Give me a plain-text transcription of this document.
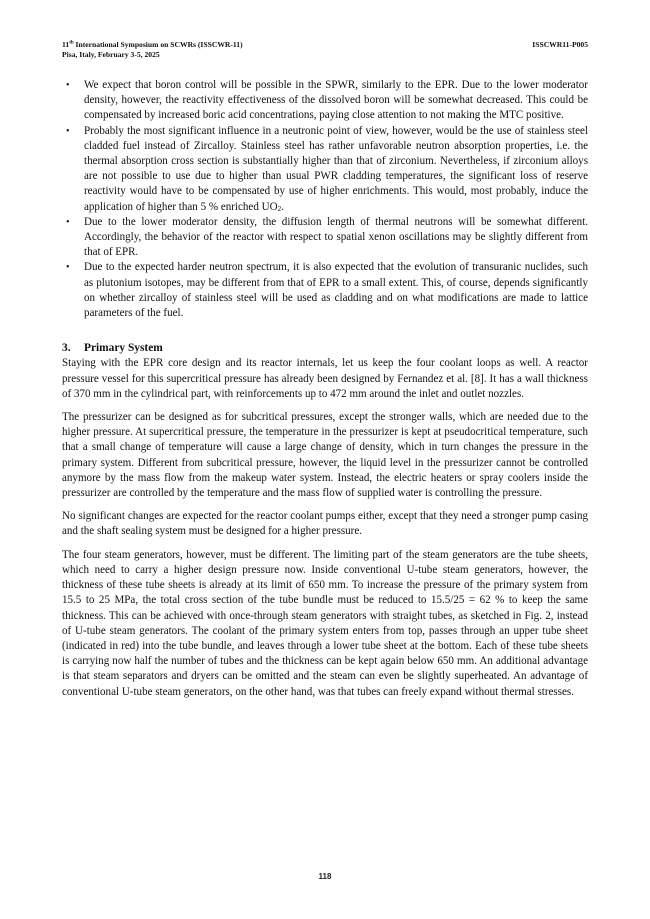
11th International Symposium on SCWRs (ISSCWR-11)
Pisa, Italy, February 3-5, 2025
ISSCWR11-P005
• We expect that boron control will be possible in the SPWR, similarly to the EPR. Due to the lower moderator density, however, the reactivity effectiveness of the dissolved boron will be somewhat decreased. This could be compensated by increased boric acid concentrations, paying close attention to not making the MTC positive.
• Probably the most significant influence in a neutronic point of view, however, would be the use of stainless steel cladded fuel instead of Zircalloy. Stainless steel has rather unfavorable neutron absorption properties, i.e. the thermal absorption cross section is substantially higher than that of zirconium. Nevertheless, if zirconium alloys are not possible to use due to higher than usual PWR cladding temperatures, the significant loss of reserve reactivity would have to be compensated by use of higher enrichments. This would, most probably, induce the application of higher than 5 % enriched $UO_2$.
• Due to the lower moderator density, the diffusion length of thermal neutrons will be somewhat different. Accordingly, the behavior of the reactor with respect to spatial xenon oscillations may be slightly different from that of EPR.
• Due to the expected harder neutron spectrum, it is also expected that the evolution of transuranic nuclides, such as plutonium isotopes, may be different from that of EPR to a small extent. This, of course, depends significantly on whether zircalloy of stainless steel will be used as cladding and on what modifications are made to lattice parameters of the fuel.
3. Primary System

Staying with the EPR core design and its reactor internals, let us keep the four coolant loops as well. A reactor pressure vessel for this supercritical pressure has already been designed by Fernandez et al. [8]. It has a wall thickness of 370 mm in the cylindrical part, with reinforcements up to 472 mm around the inlet and outlet nozzles.

The pressurizer can be designed as for subcritical pressures, except the stronger walls, which are needed due to the higher pressure. At supercritical pressure, the temperature in the pressurizer is kept at pseudocritical temperature, such that a small change of temperature will cause a large change of density, which in turn changes the pressure in the primary system. Different from subcritical pressure, however, the liquid level in the pressurizer cannot be controlled anymore by the mass flow from the makeup water system. Instead, the electric heaters or spray coolers inside the pressurizer are controlled by the temperature and the mass flow of supplied water is controlling the pressure.

No significant changes are expected for the reactor coolant pumps either, except that they need a stronger pump casing and the shaft sealing system must be designed for a higher pressure.

The four steam generators, however, must be different. The limiting part of the steam generators are the tube sheets, which need to carry a higher design pressure now. Inside conventional U-tube steam generators, however, the thickness of these tube sheets is already at its limit of 650 mm. To increase the pressure of the primary system from 15.5 to 25 MPa, the total cross section of the tube bundle must be reduced to 15.5/25 = 62 % to keep the same thickness. This can be achieved with once-through steam generators with straight tubes, as sketched in Fig. 2, instead of U-tube steam generators. The coolant of the primary system enters from top, passes through an upper tube sheet (indicated in red) into the tube bundle, and leaves through a lower tube sheet at the bottom. Each of these tube sheets is carrying now half the number of tubes and the thickness can be kept again below 650 mm. An additional advantage is that steam separators and dryers can be omitted and the steam can even be slightly superheated. An advantage of conventional U-tube steam generators, on the other hand, was that tubes can freely expand without thermal stresses.

118
